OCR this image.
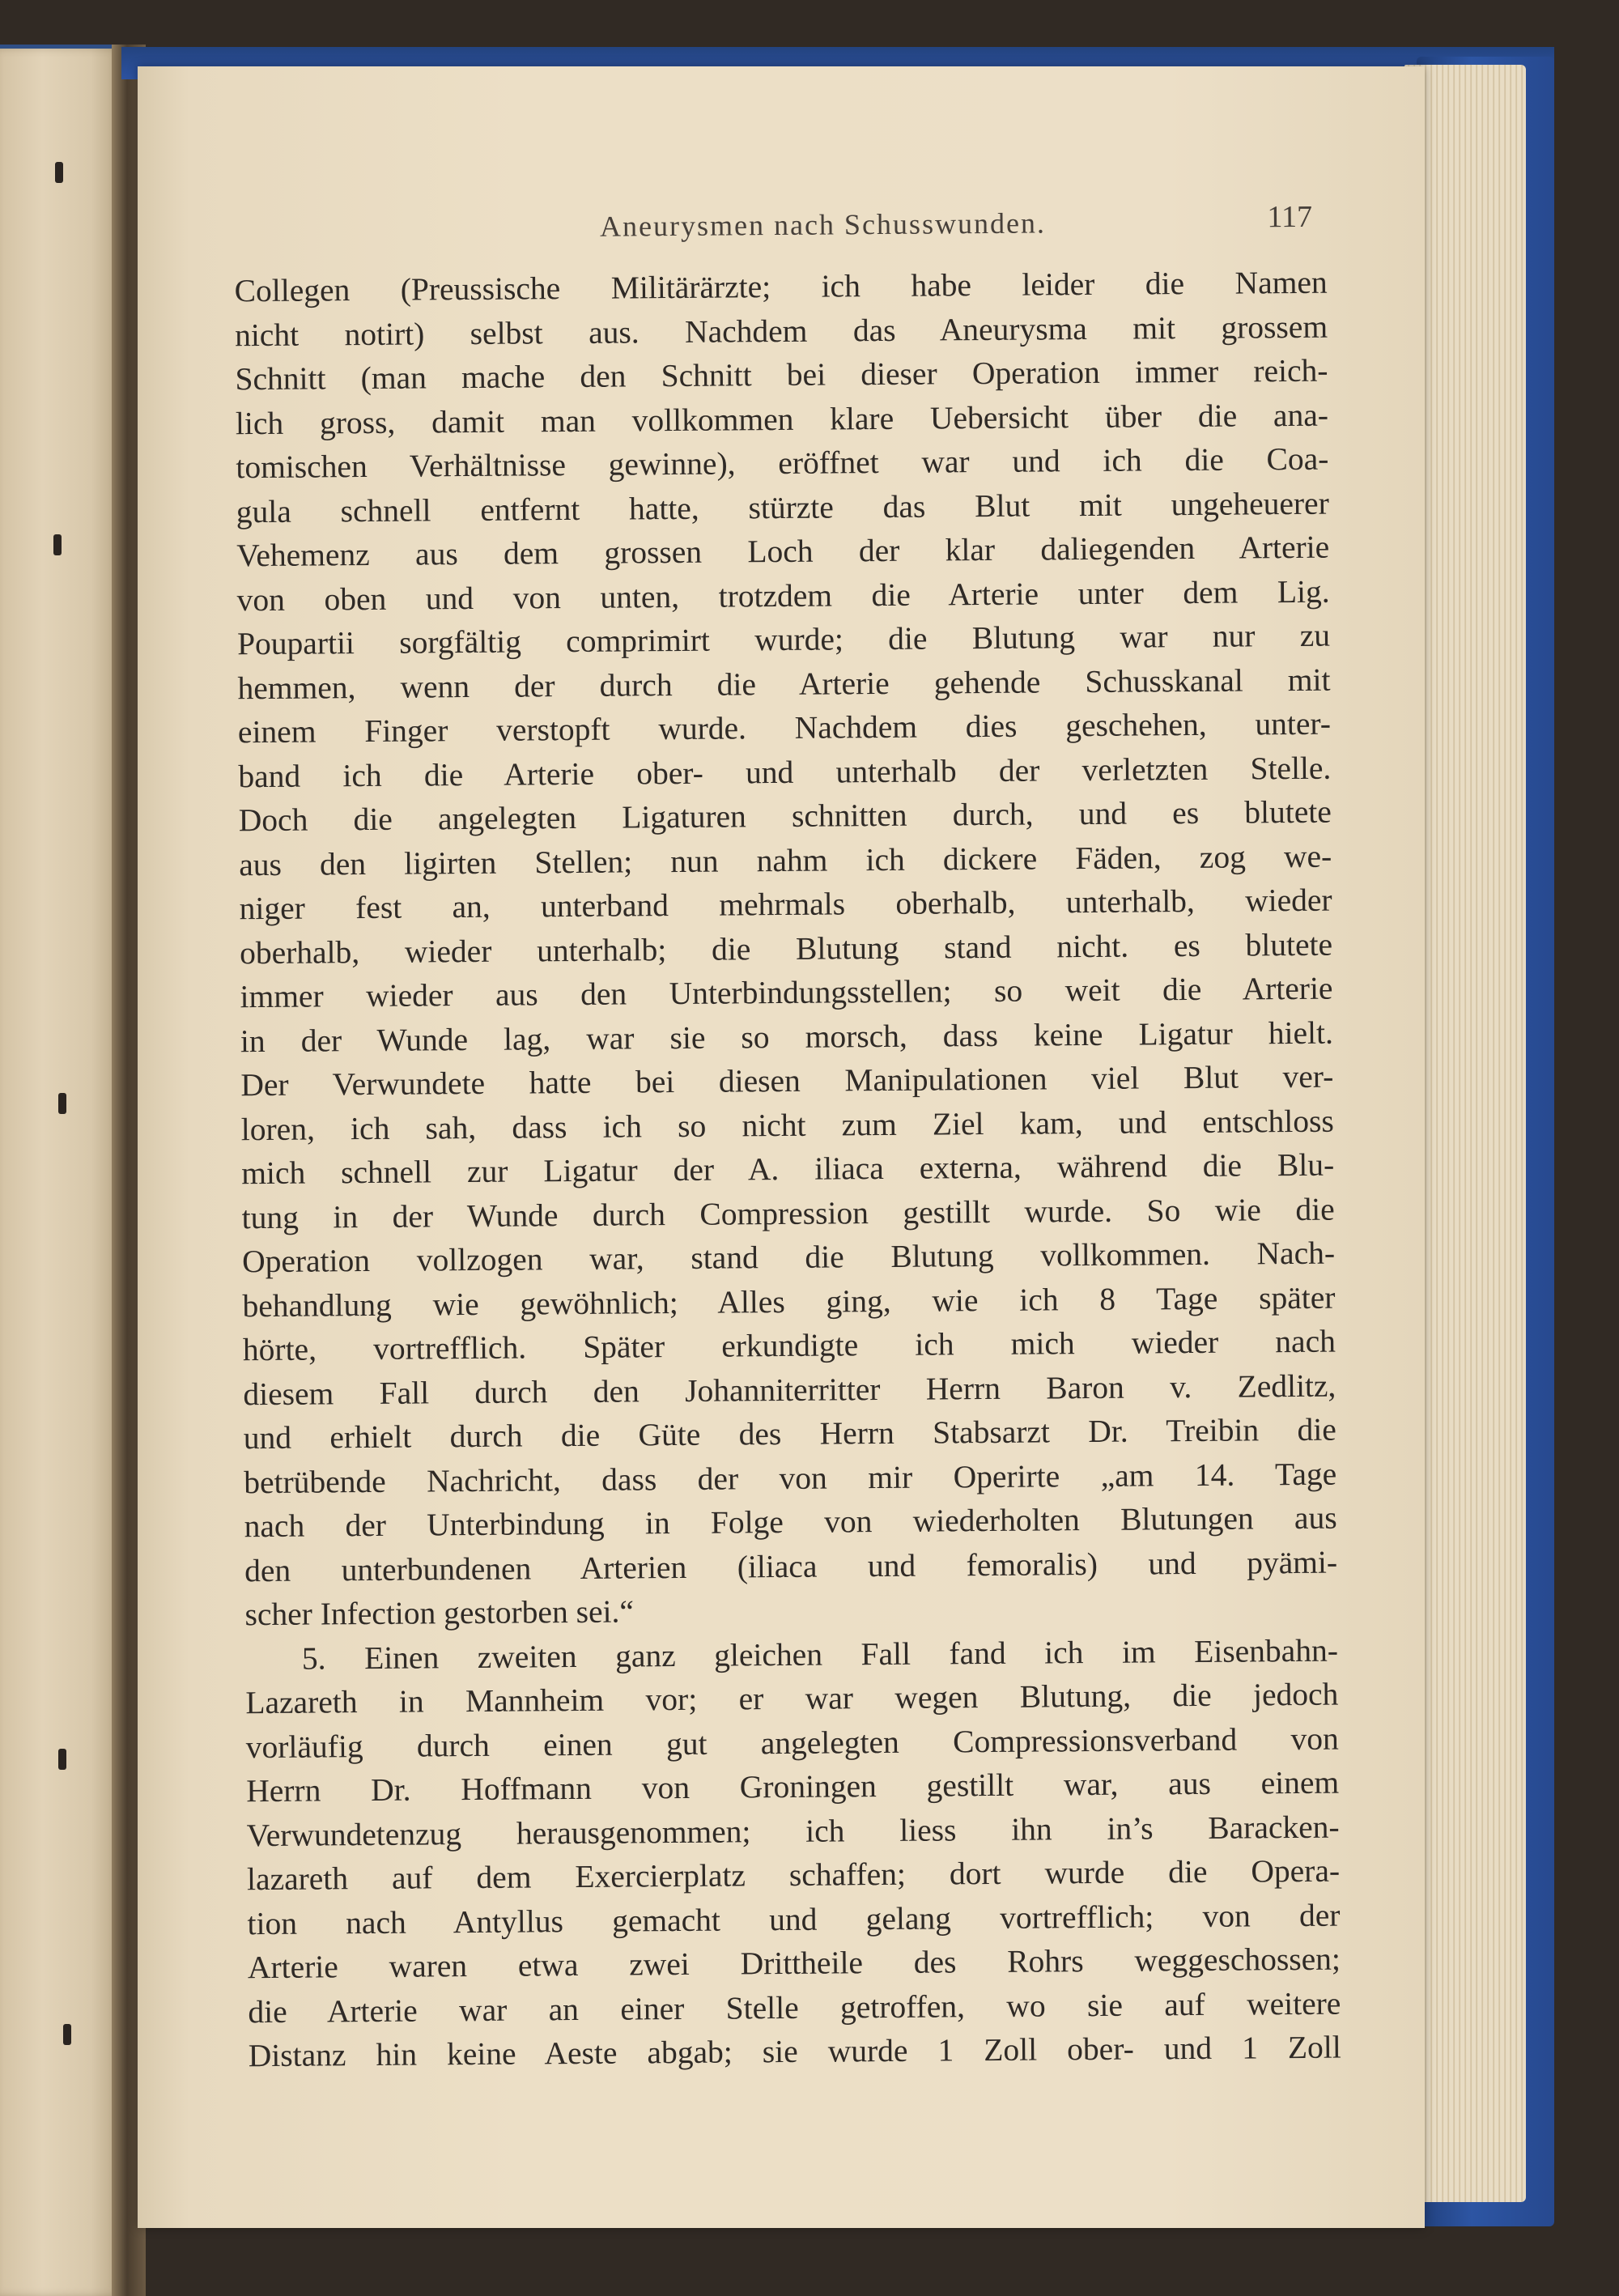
Aneurysmen nach Schusswunden.	117
Collegen (Preussische Militärärzte; ich habe leider die Namen
nicht notirt) selbst aus. Nachdem das Aneurysma mit grossem
Schnitt (man mache den Schnitt bei dieser Operation immer reich-
lich gross, damit man vollkommen klare Uebersicht über die ana-
tomischen Verhältnisse gewinne), eröffnet war und ich die Coa-
gula schnell entfernt hatte, stürzte das Blut mit ungeheuerer
Vehemenz aus dem grossen Loch der klar daliegenden Arterie
von oben und von unten, trotzdem die Arterie unter dem Lig.
Poupartii sorgfältig comprimirt wurde; die Blutung war nur zu
hemmen, wenn der durch die Arterie gehende Schusskanal mit
einem Finger verstopft wurde. Nachdem dies geschehen, unter-
band ich die Arterie ober- und unterhalb der verletzten Stelle.
Doch die angelegten Ligaturen schnitten durch, und es blutete
aus den ligirten Stellen; nun nahm ich dickere Fäden, zog we-
niger fest an, unterband mehrmals oberhalb, unterhalb, wieder
oberhalb, wieder unterhalb; die Blutung stand nicht. es blutete
immer wieder aus den Unterbindungsstellen; so weit die Arterie
in der Wunde lag, war sie so morsch, dass keine Ligatur hielt.
Der Verwundete hatte bei diesen Manipulationen viel Blut ver-
loren, ich sah, dass ich so nicht zum Ziel kam, und entschloss
mich schnell zur Ligatur der A. iliaca externa, während die Blu-
tung in der Wunde durch Compression gestillt wurde. So wie die
Operation vollzogen war, stand die Blutung vollkommen. Nach-
behandlung wie gewöhnlich; Alles ging, wie ich 8 Tage später
hörte, vortrefflich. Später erkundigte ich mich wieder nach
diesem Fall durch den Johanniterritter Herrn Baron v. Zedlitz,
und erhielt durch die Güte des Herrn Stabsarzt Dr. Treibin die
betrübende Nachricht, dass der von mir Operirte „am 14. Tage
nach der Unterbindung in Folge von wiederholten Blutungen aus
den unterbundenen Arterien (iliaca und femoralis) und pyämi-
scher Infection gestorben sei.“
5. Einen zweiten ganz gleichen Fall fand ich im Eisenbahn-
Lazareth in Mannheim vor; er war wegen Blutung, die jedoch
vorläufig durch einen gut angelegten Compressionsverband von
Herrn Dr. Hoffmann von Groningen gestillt war, aus einem
Verwundetenzug herausgenommen; ich liess ihn in’s Baracken-
lazareth auf dem Exercierplatz schaffen; dort wurde die Opera-
tion nach Antyllus gemacht und gelang vortrefflich; von der
Arterie waren etwa zwei Drittheile des Rohrs weggeschossen;
die Arterie war an einer Stelle getroffen, wo sie auf weitere
Distanz hin keine Aeste abgab; sie wurde 1 Zoll ober- und 1 Zoll
